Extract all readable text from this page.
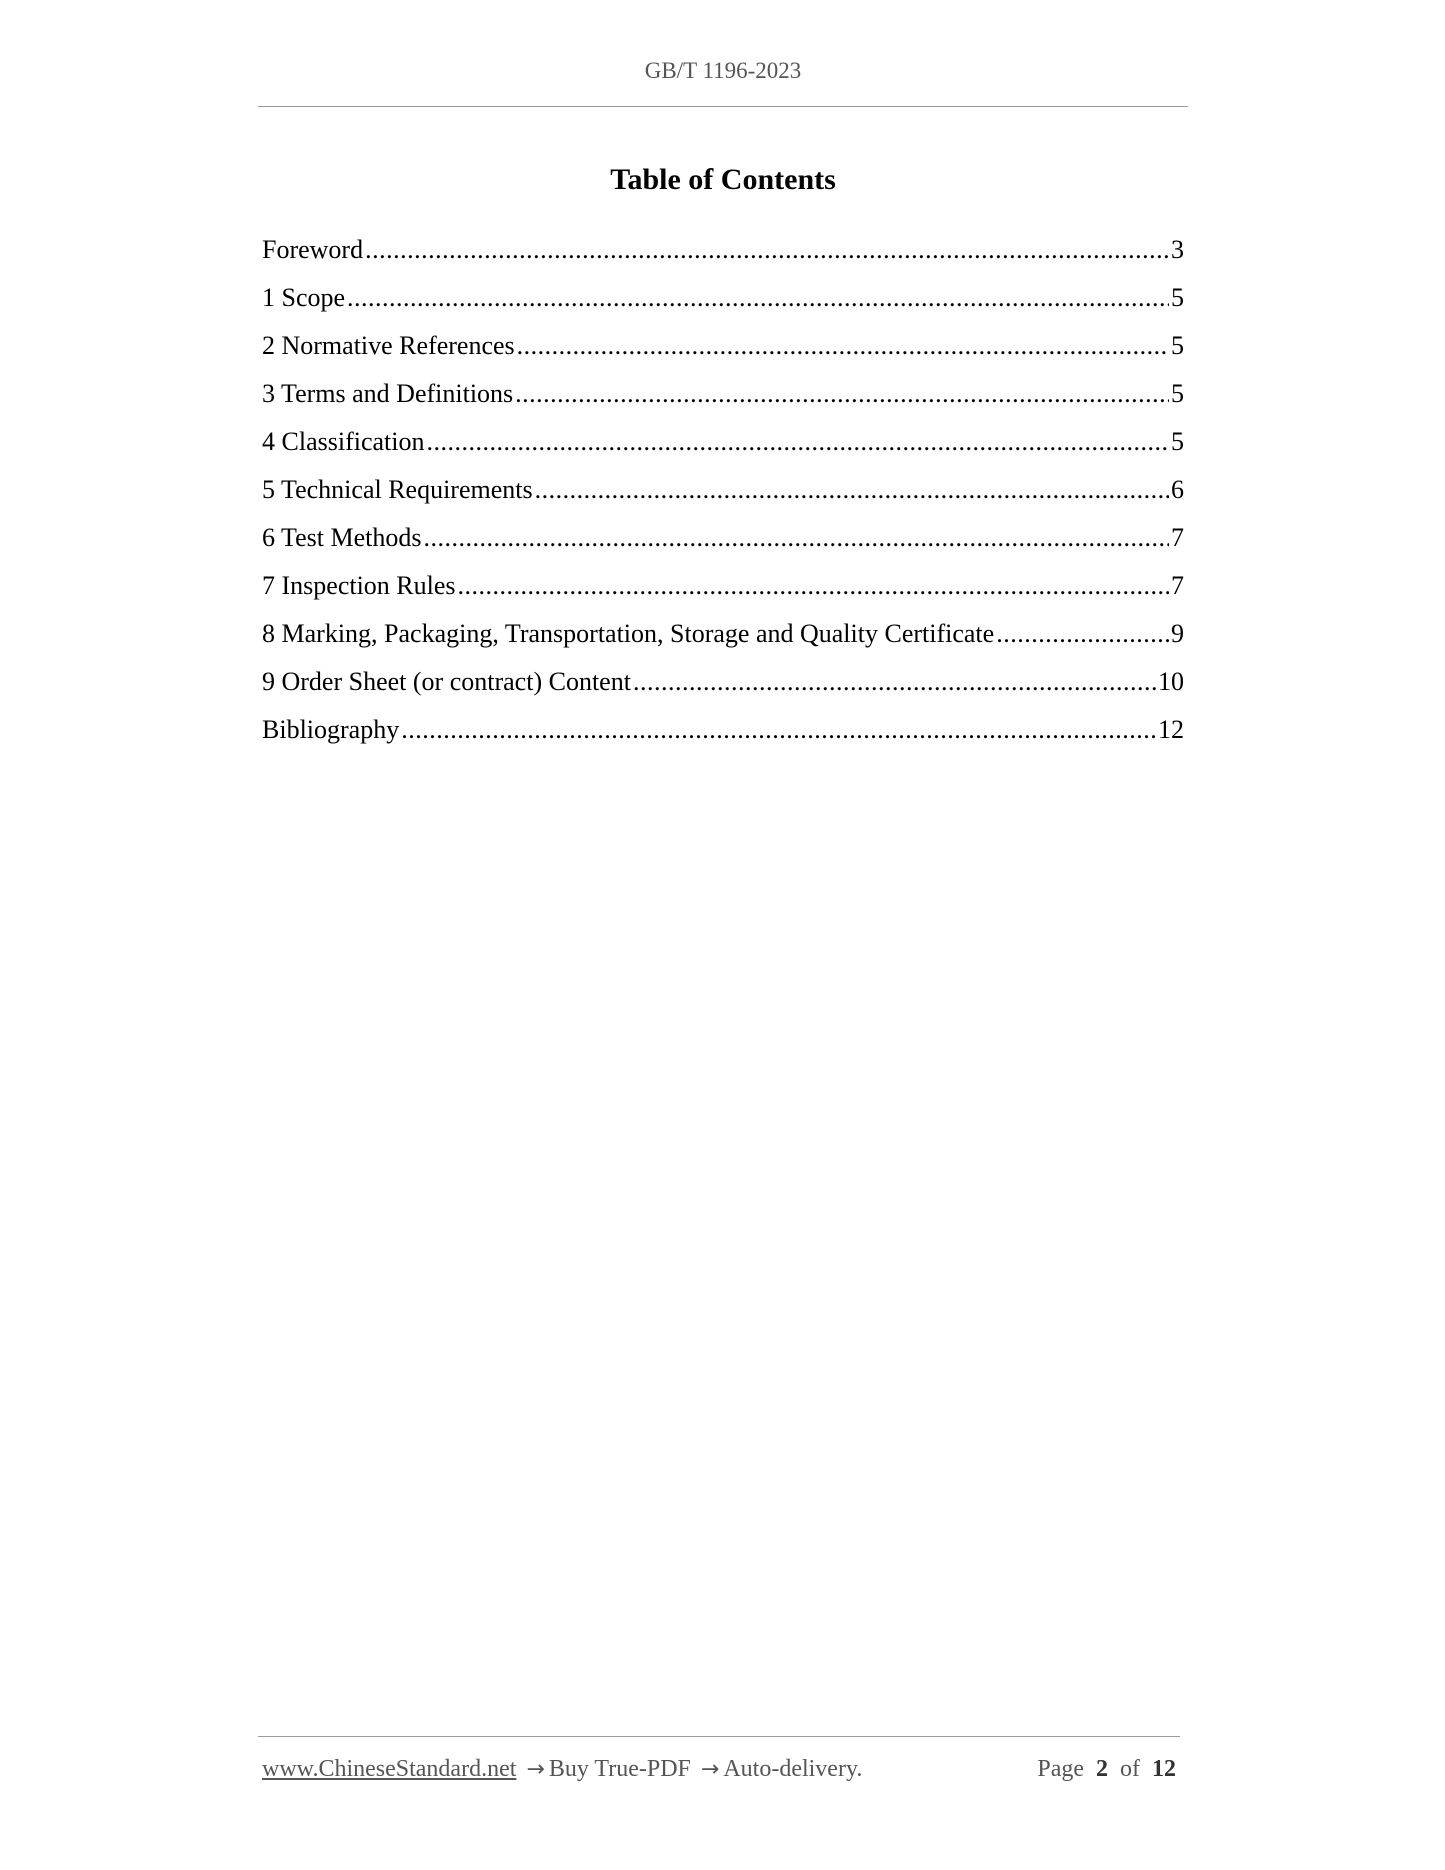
GB/T 1196-2023
Table of Contents
Foreword .....	3
1 Scope .....	5
2 Normative References .....	5
3 Terms and Definitions .....	5
4 Classification .....	5
5 Technical Requirements .....	6
6 Test Methods .....	7
7 Inspection Rules .....	7
8 Marking, Packaging, Transportation, Storage and Quality Certificate .....	9
9 Order Sheet (or contract) Content .....	10
Bibliography .....	12
www.ChineseStandard.net → Buy True-PDF → Auto-delivery.	Page 2 of 12
